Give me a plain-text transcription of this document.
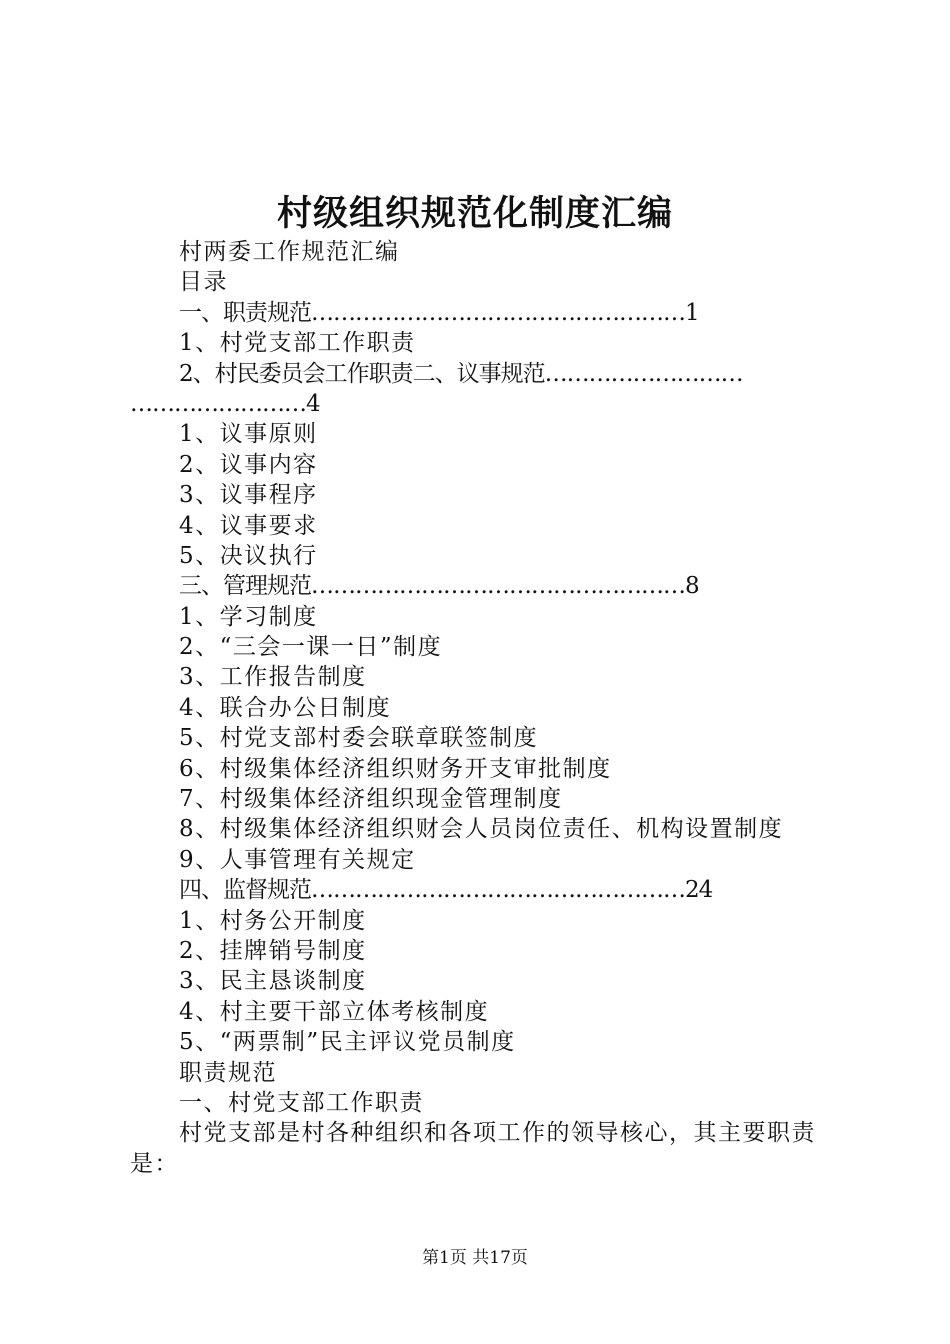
村级组织规范化制度汇编
村两委工作规范汇编
目录
一、职责规范……………………………………………1
1、村党支部工作职责
2、村民委员会工作职责二、议事规范………………………
……………………4
1、议事原则
2、议事内容
3、议事程序
4、议事要求
5、决议执行
三、管理规范……………………………………………8
1、学习制度
2、“三会一课一日”制度
3、工作报告制度
4、联合办公日制度
5、村党支部村委会联章联签制度
6、村级集体经济组织财务开支审批制度
7、村级集体经济组织现金管理制度
8、村级集体经济组织财会人员岗位责任、机构设置制度
9、人事管理有关规定
四、监督规范……………………………………………24
1、村务公开制度
2、挂牌销号制度
3、民主恳谈制度
4、村主要干部立体考核制度
5、“两票制”民主评议党员制度
职责规范
一、村党支部工作职责
村党支部是村各种组织和各项工作的领导核心，其主要职责是：
第1页 共17页
